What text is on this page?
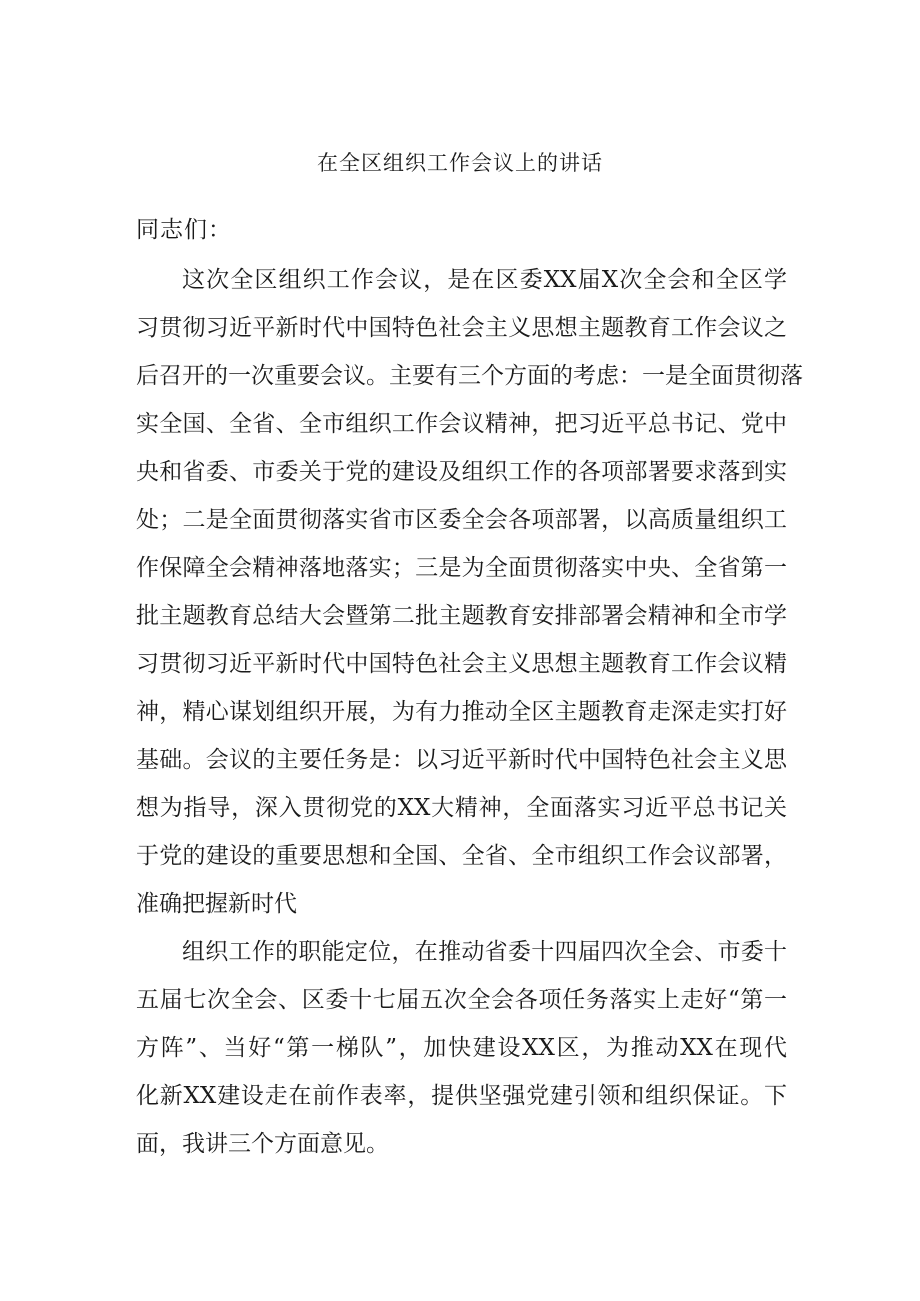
在全区组织工作会议上的讲话
同志们：
这次全区组织工作会议，是在区委XX届X次全会和全区学
习贯彻习近平新时代中国特色社会主义思想主题教育工作会议之
后召开的一次重要会议。主要有三个方面的考虑：一是全面贯彻落
实全国、全省、全市组织工作会议精神，把习近平总书记、党中
央和省委、市委关于党的建设及组织工作的各项部署要求落到实
处；二是全面贯彻落实省市区委全会各项部署，以高质量组织工
作保障全会精神落地落实；三是为全面贯彻落实中央、全省第一
批主题教育总结大会暨第二批主题教育安排部署会精神和全市学
习贯彻习近平新时代中国特色社会主义思想主题教育工作会议精
神，精心谋划组织开展，为有力推动全区主题教育走深走实打好
基础。会议的主要任务是：以习近平新时代中国特色社会主义思
想为指导，深入贯彻党的XX大精神，全面落实习近平总书记关
于党的建设的重要思想和全国、全省、全市组织工作会议部署，
准确把握新时代
组织工作的职能定位，在推动省委十四届四次全会、市委十
五届七次全会、区委十七届五次全会各项任务落实上走好“第一
方阵”、当好“第一梯队”，加快建设XX区，为推动XX在现代
化新XX建设走在前作表率，提供坚强党建引领和组织保证。下
面，我讲三个方面意见。
